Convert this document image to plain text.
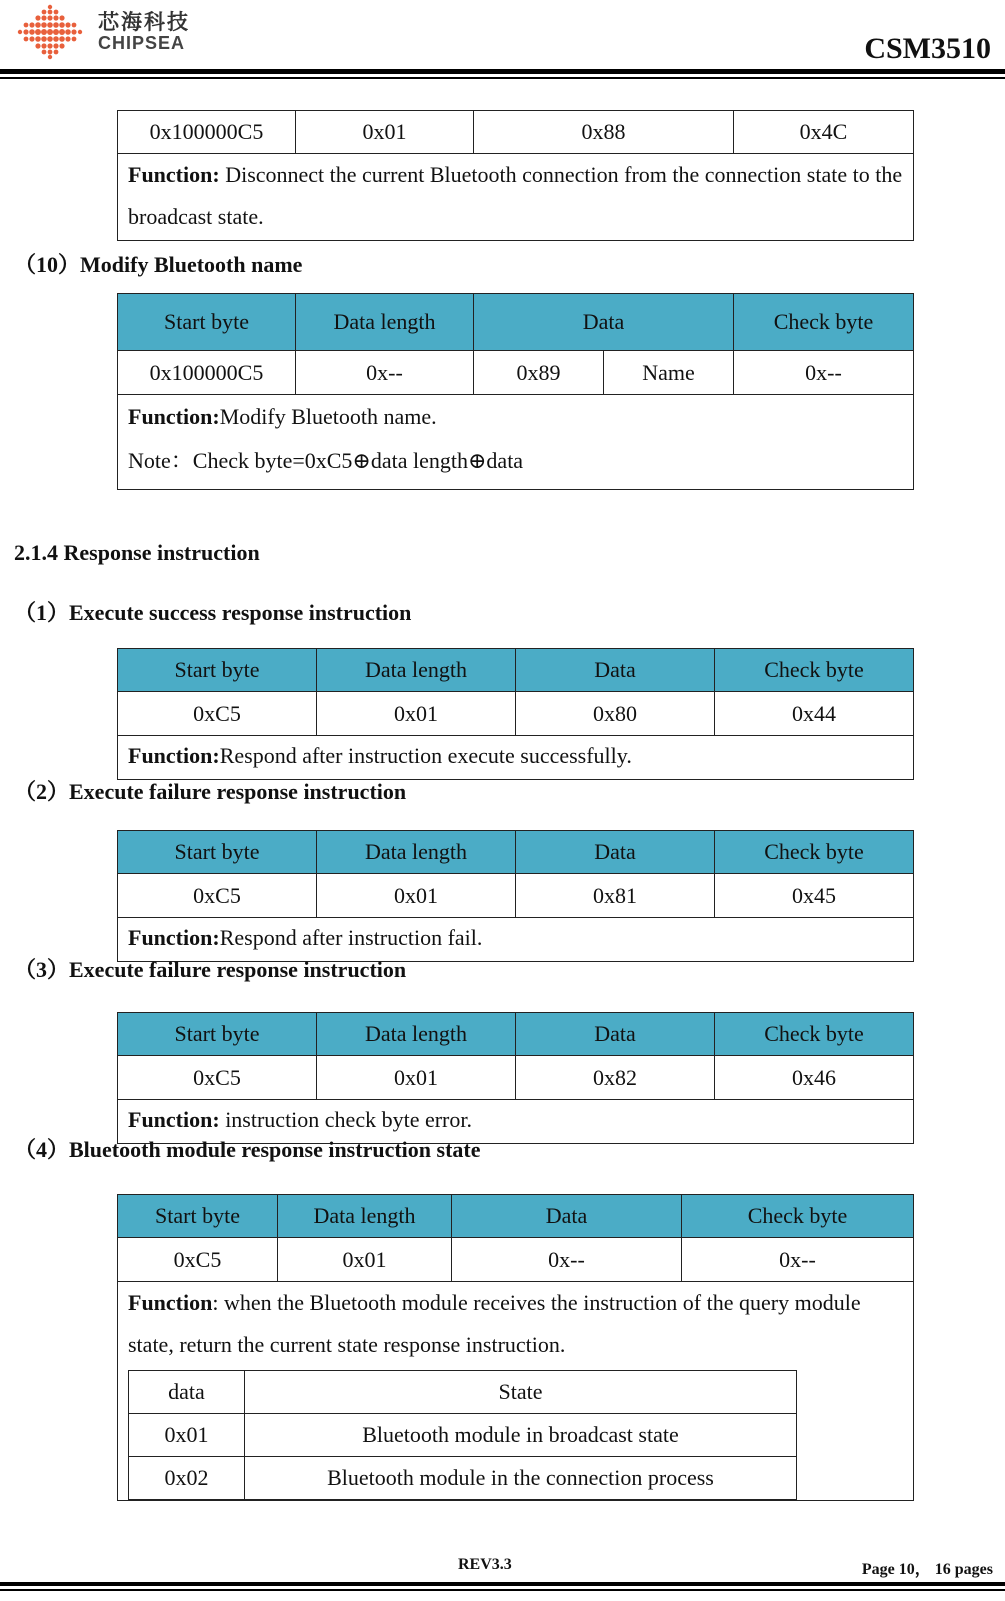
芯海科技
CHIPSEA	CSM3510
0x100000C5	0x01	0x88	0x4C
Function: Disconnect the current Bluetooth connection from the connection state to the broadcast state.
（10）Modify Bluetooth name
Start byte	Data length	Data		Check byte
0x100000C5	0x--	0x89	Name	0x--

Function:Modify Bluetooth name.
Note：Check byte=0xC5⊕data length⊕data				
2.1.4 Response instruction
（1）Execute success response instruction
Start byte	Data length	Data	Check byte
0xC5	0x01	0x80	0x44
Function:Respond after instruction execute successfully.			
（2）Execute failure response instruction
Start byte	Data length	Data	Check byte
0xC5	0x01	0x81	0x45
Function:Respond after instruction fail.			
（3）Execute failure response instruction
Start byte	Data length	Data	Check byte
0xC5	0x01	0x82	0x46
Function: instruction check byte error.			
（4）Bluetooth module response instruction state
Start byte	Data length	Data	Check byte
0xC5	0x01	0x--	0x--

Function: when the Bluetooth module receives the instruction of the query module state, return the current state response instruction.
data	State
0x01	Bluetooth module in broadcast state
0x02	Bluetooth module in the connection process
REV3.3	Page 10， 16 pages
